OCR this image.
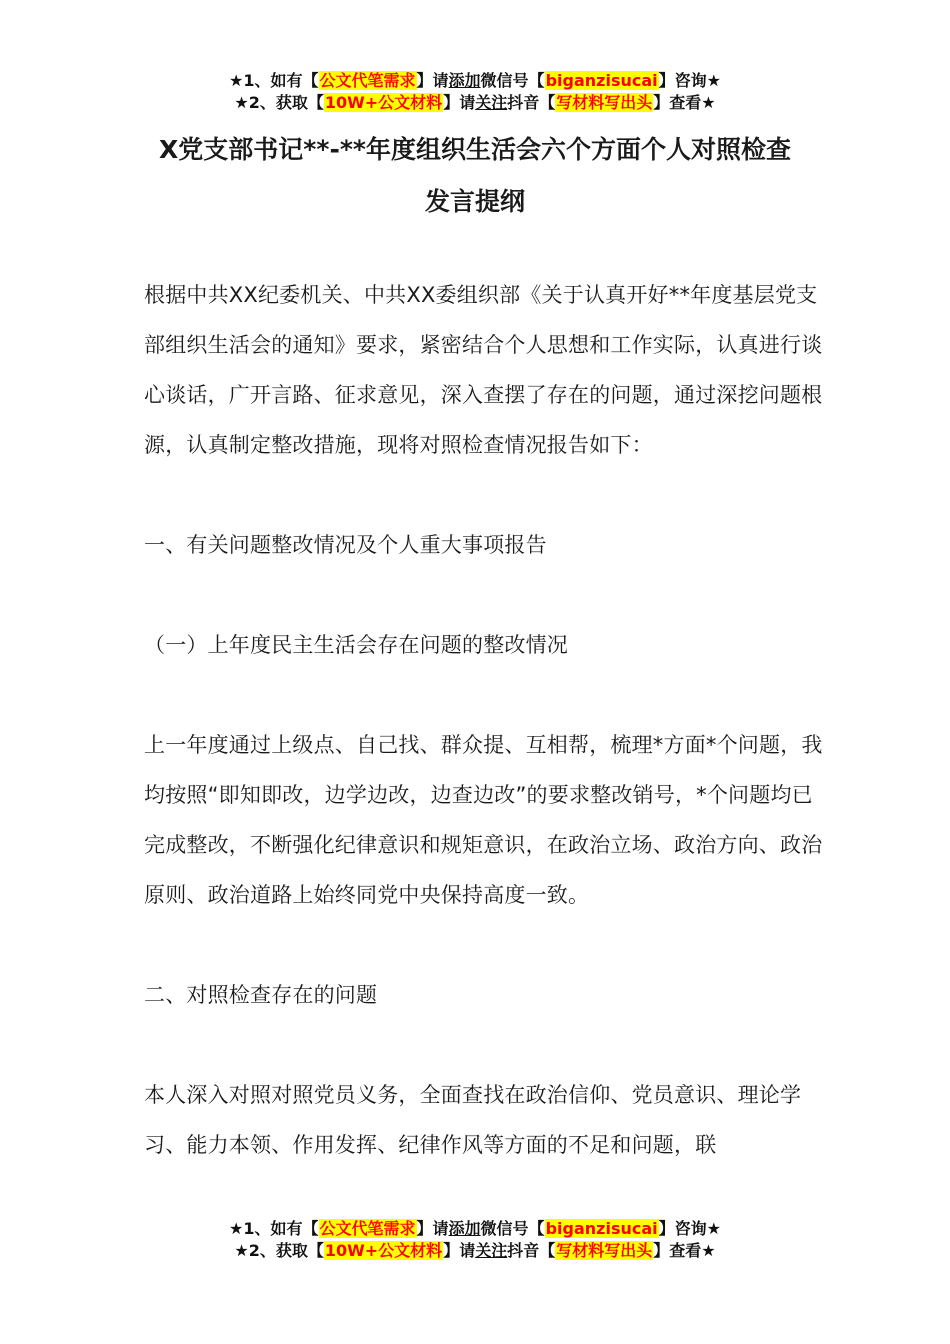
★1、如有【公文代笔需求】请添加微信号【biganzisucai】咨询★
★2、获取【10W+公文材料】请关注抖音【写材料写出头】查看★
X党支部书记**-**年度组织生活会六个方面个人对照检查
发言提纲

根据中共XX纪委机关、中共XX委组织部《关于认真开好**年度基层党支部组织生活会的通知》要求，紧密结合个人思想和工作实际，认真进行谈心谈话，广开言路、征求意见，深入查摆了存在的问题，通过深挖问题根源，认真制定整改措施，现将对照检查情况报告如下：

一、有关问题整改情况及个人重大事项报告

（一）上年度民主生活会存在问题的整改情况

上一年度通过上级点、自己找、群众提、互相帮，梳理*方面*个问题，我均按照“即知即改，边学边改，边查边改”的要求整改销号，*个问题均已完成整改，不断强化纪律意识和规矩意识，在政治立场、政治方向、政治原则、政治道路上始终同党中央保持高度一致。

二、对照检查存在的问题

本人深入对照对照党员义务，全面查找在政治信仰、党员意识、理论学习、能力本领、作用发挥、纪律作风等方面的不足和问题，联

★1、如有【公文代笔需求】请添加微信号【biganzisucai】咨询★
★2、获取【10W+公文材料】请关注抖音【写材料写出头】查看★
